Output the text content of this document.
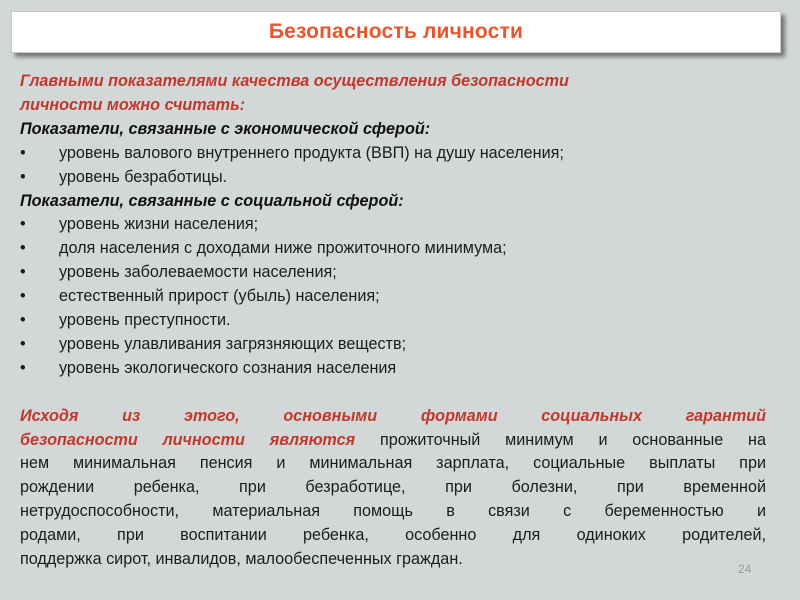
Безопасность личности
Главными показателями качества осуществления безопасности
личности можно считать:
Показатели, связанные с экономической сферой:
•	уровень валового внутреннего продукта (ВВП) на душу населения;
•	уровень безработицы.
Показатели, связанные с социальной сферой:
•	уровень жизни населения;
•	доля населения с доходами ниже прожиточного минимума;
•	уровень заболеваемости населения;
•	естественный прирост (убыль) населения;
•	уровень преступности.
•	уровень улавливания загрязняющих веществ;
•	уровень экологического сознания населения
Исходя из этого, основными формами социальных гарантий
безопасности личности являются прожиточный минимум и основанные на
нем минимальная пенсия и минимальная зарплата, социальные выплаты при
рождении ребенка, при безработице, при болезни, при временной
нетрудоспособности, материальная помощь в связи с беременностью и
родами, при воспитании ребенка, особенно для одиноких родителей,
поддержка сирот, инвалидов, малообеспеченных граждан.
24
